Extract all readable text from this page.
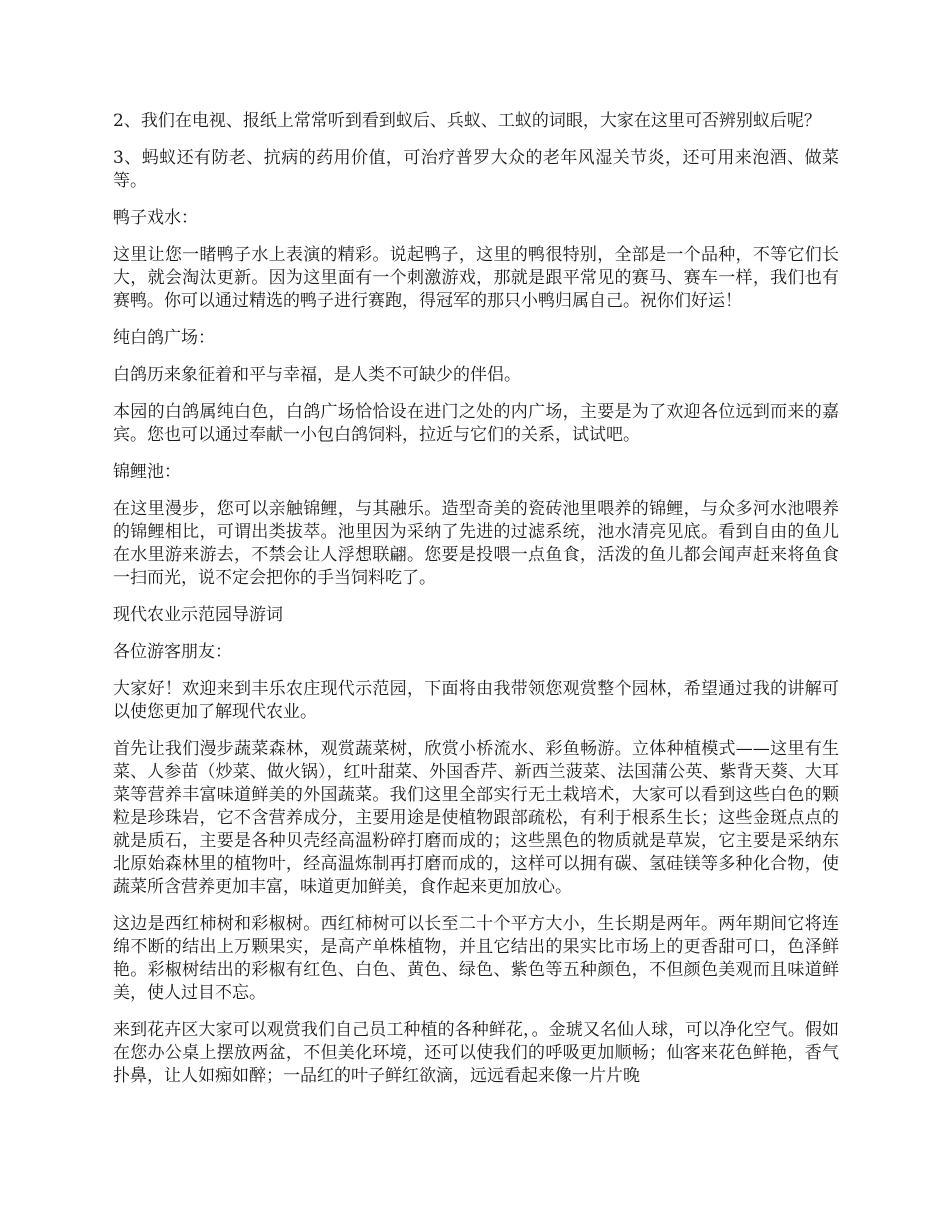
2、我们在电视、报纸上常常听到看到蚁后、兵蚁、工蚁的词眼，大家在这里可否辨别蚁后呢？

3、蚂蚁还有防老、抗病的药用价值，可治疗普罗大众的老年风湿关节炎，还可用来泡酒、做菜等。

鸭子戏水：

这里让您一睹鸭子水上表演的精彩。说起鸭子，这里的鸭很特别，全部是一个品种，不等它们长大，就会淘汰更新。因为这里面有一个刺激游戏，那就是跟平常见的赛马、赛车一样，我们也有赛鸭。你可以通过精选的鸭子进行赛跑，得冠军的那只小鸭归属自己。祝你们好运！

纯白鸽广场：

白鸽历来象征着和平与幸福，是人类不可缺少的伴侣。

本园的白鸽属纯白色，白鸽广场恰恰设在进门之处的内广场，主要是为了欢迎各位远到而来的嘉宾。您也可以通过奉献一小包白鸽饲料，拉近与它们的关系，试试吧。

锦鲤池：

在这里漫步，您可以亲触锦鲤，与其融乐。造型奇美的瓷砖池里喂养的锦鲤，与众多河水池喂养的锦鲤相比，可谓出类拔萃。池里因为采纳了先进的过滤系统，池水清亮见底。看到自由的鱼儿在水里游来游去，不禁会让人浮想联翩。您要是投喂一点鱼食，活泼的鱼儿都会闻声赶来将鱼食一扫而光，说不定会把你的手当饲料吃了。

现代农业示范园导游词

各位游客朋友：

大家好！欢迎来到丰乐农庄现代示范园，下面将由我带领您观赏整个园林，希望通过我的讲解可以使您更加了解现代农业。

首先让我们漫步蔬菜森林，观赏蔬菜树，欣赏小桥流水、彩鱼畅游。立体种植模式——这里有生菜、人参苗（炒菜、做火锅），红叶甜菜、外国香芹、新西兰菠菜、法国蒲公英、紫背天葵、大耳菜等营养丰富味道鲜美的外国蔬菜。我们这里全部实行无土栽培术，大家可以看到这些白色的颗粒是珍珠岩，它不含营养成分，主要用途是使植物跟部疏松，有利于根系生长；这些金斑点点的就是质石，主要是各种贝壳经高温粉碎打磨而成的；这些黑色的物质就是草炭，它主要是采纳东北原始森林里的植物叶，经高温炼制再打磨而成的，这样可以拥有碳、氢硅镁等多种化合物，使蔬菜所含营养更加丰富，味道更加鲜美，食作起来更加放心。

这边是西红柿树和彩椒树。西红柿树可以长至二十个平方大小，生长期是两年。两年期间它将连绵不断的结出上万颗果实，是高产单株植物，并且它结出的果实比市场上的更香甜可口，色泽鲜艳。彩椒树结出的彩椒有红色、白色、黄色、绿色、紫色等五种颜色，不但颜色美观而且味道鲜美，使人过目不忘。

来到花卉区大家可以观赏我们自己员工种植的各种鲜花，。金琥又名仙人球，可以净化空气。假如在您办公桌上摆放两盆，不但美化环境，还可以使我们的呼吸更加顺畅；仙客来花色鲜艳，香气扑鼻，让人如痴如醉；一品红的叶子鲜红欲滴，远远看起来像一片片晚
